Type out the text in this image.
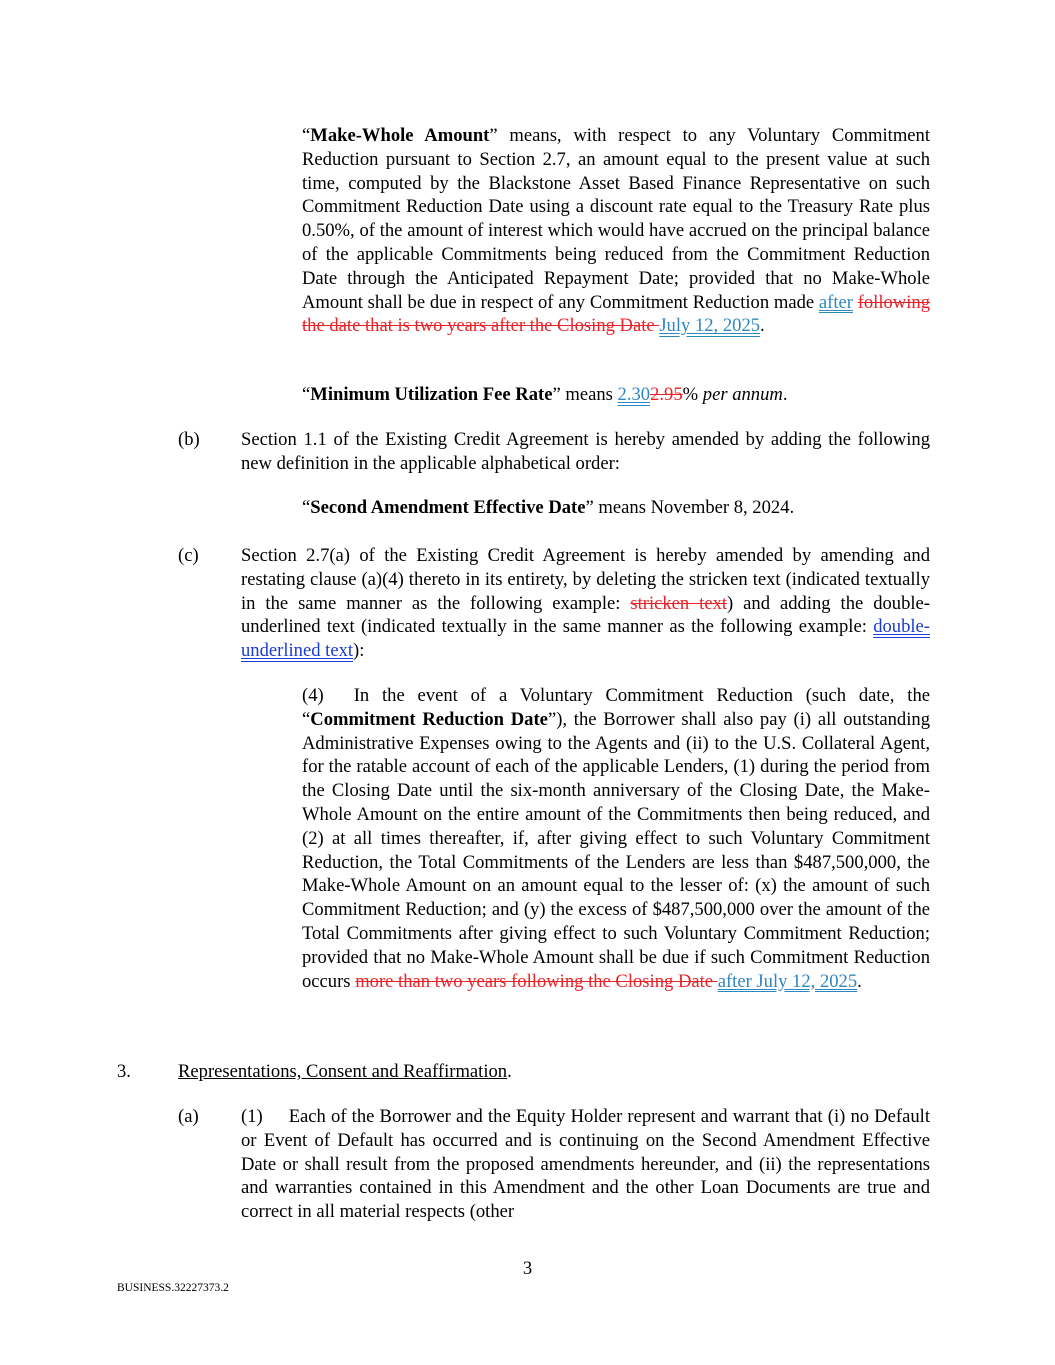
“Make-Whole Amount” means, with respect to any Voluntary Commitment Reduction pursuant to Section 2.7, an amount equal to the present value at such time, computed by the Blackstone Asset Based Finance Representative on such Commitment Reduction Date using a discount rate equal to the Treasury Rate plus 0.50%, of the amount of interest which would have accrued on the principal balance of the applicable Commitments being reduced from the Commitment Reduction Date through the Anticipated Repayment Date; provided that no Make-Whole Amount shall be due in respect of any Commitment Reduction made after following the date that is two years after the Closing Date July 12, 2025.
“Minimum Utilization Fee Rate” means 2.302.95% per annum.
(b) Section 1.1 of the Existing Credit Agreement is hereby amended by adding the following new definition in the applicable alphabetical order:
“Second Amendment Effective Date” means November 8, 2024.
(c) Section 2.7(a) of the Existing Credit Agreement is hereby amended by amending and restating clause (a)(4) thereto in its entirety, by deleting the stricken text (indicated textually in the same manner as the following example: stricken text) and adding the double-underlined text (indicated textually in the same manner as the following example: double-underlined text):
(4) In the event of a Voluntary Commitment Reduction (such date, the “Commitment Reduction Date”), the Borrower shall also pay (i) all outstanding Administrative Expenses owing to the Agents and (ii) to the U.S. Collateral Agent, for the ratable account of each of the applicable Lenders, (1) during the period from the Closing Date until the six-month anniversary of the Closing Date, the Make-Whole Amount on the entire amount of the Commitments then being reduced, and (2) at all times thereafter, if, after giving effect to such Voluntary Commitment Reduction, the Total Commitments of the Lenders are less than $487,500,000, the Make-Whole Amount on an amount equal to the lesser of: (x) the amount of such Commitment Reduction; and (y) the excess of $487,500,000 over the amount of the Total Commitments after giving effect to such Voluntary Commitment Reduction; provided that no Make-Whole Amount shall be due if such Commitment Reduction occurs more than two years following the Closing Date after July 12, 2025.
3.	Representations, Consent and Reaffirmation.
(a) (1) Each of the Borrower and the Equity Holder represent and warrant that (i) no Default or Event of Default has occurred and is continuing on the Second Amendment Effective Date or shall result from the proposed amendments hereunder, and (ii) the representations and warranties contained in this Amendment and the other Loan Documents are true and correct in all material respects (other
3
BUSINESS.32227373.2
